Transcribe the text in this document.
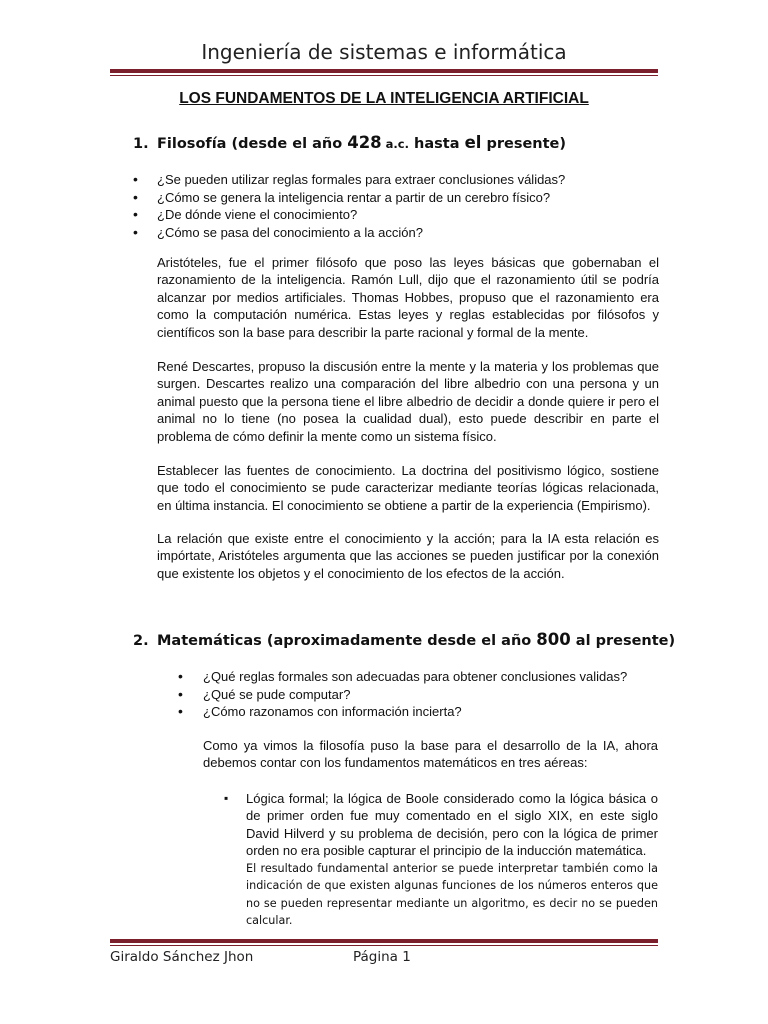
Ingeniería de sistemas e informática
LOS FUNDAMENTOS DE LA INTELIGENCIA ARTIFICIAL
1. Filosofía (desde el año 428 a.c. hasta el presente)
• ¿Se pueden utilizar reglas formales para extraer conclusiones válidas?
• ¿Cómo se genera la inteligencia rentar a partir de un cerebro físico?
• ¿De dónde viene el conocimiento?
• ¿Cómo se pasa del conocimiento a la acción?

Aristóteles, fue el primer filósofo que poso las leyes básicas que gobernaban el razonamiento de la inteligencia. Ramón Lull, dijo que el razonamiento útil se podría alcanzar por medios artificiales. Thomas Hobbes, propuso que el razonamiento era como la computación numérica. Estas leyes y reglas establecidas por filósofos y científicos son la base para describir la parte racional y formal de la mente.

René Descartes, propuso la discusión entre la mente y la materia y los problemas que surgen. Descartes realizo una comparación del libre albedrio con una persona y un animal puesto que la persona tiene el libre albedrio de decidir a donde quiere ir pero el animal no lo tiene (no posea la cualidad dual), esto puede describir en parte el problema de cómo definir la mente como un sistema físico.

Establecer las fuentes de conocimiento. La doctrina del positivismo lógico, sostiene que todo el conocimiento se pude caracterizar mediante teorías lógicas relacionada, en última instancia. El conocimiento se obtiene a partir de la experiencia (Empirismo).

La relación que existe entre el conocimiento y la acción; para la IA esta relación es impórtate, Aristóteles argumenta que las acciones se pueden justificar por la conexión que existente los objetos y el conocimiento de los efectos de la acción.

2. Matemáticas (aproximadamente desde el año 800 al presente)
• ¿Qué reglas formales son adecuadas para obtener conclusiones validas?
• ¿Qué se pude computar?
• ¿Cómo razonamos con información incierta?

Como ya vimos la filosofía puso la base para el desarrollo de la IA, ahora debemos contar con los fundamentos matemáticos en tres aéreas:

▪ Lógica formal; la lógica de Boole considerado como la lógica básica o de primer orden fue muy comentado en el siglo XIX, en este siglo David Hilverd y su problema de decisión, pero con la lógica de primer orden no era posible capturar el principio de la inducción matemática.
El resultado fundamental anterior se puede interpretar también como la indicación de que existen algunas funciones de los números enteros que no se pueden representar mediante un algoritmo, es decir no se pueden calcular.
Giraldo Sánchez Jhon	Página 1
